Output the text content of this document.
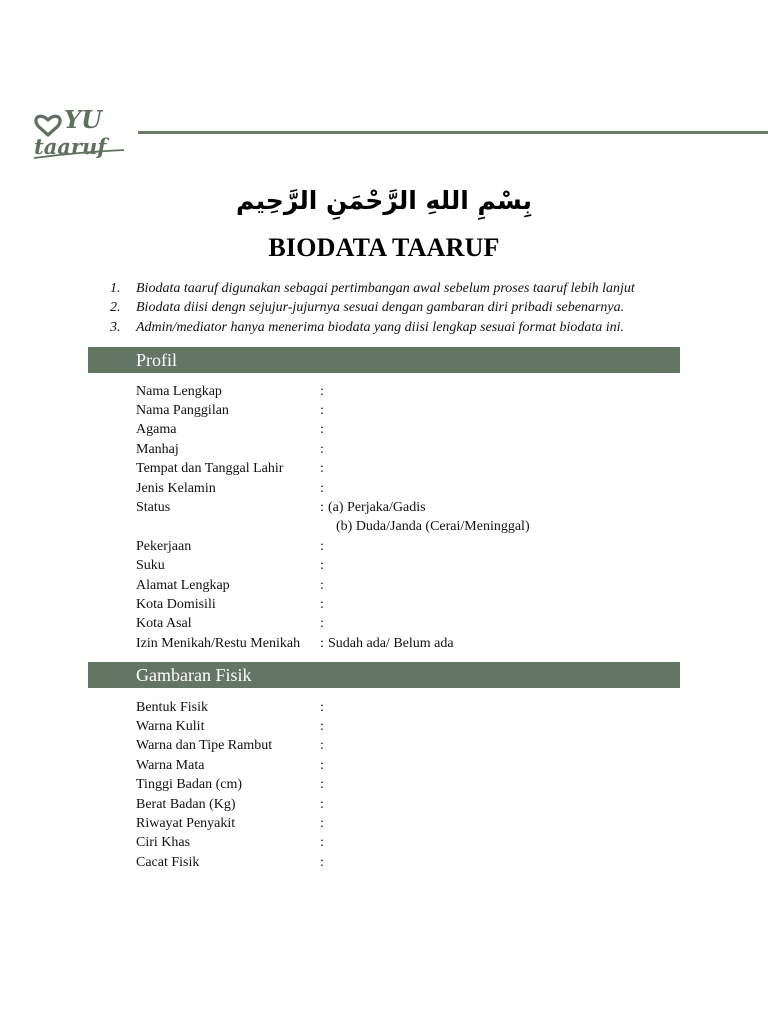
YU
taaruf
بِسْمِ اللهِ الرَّحْمَنِ الرَّحِيم
BIODATA TAARUF
1.	Biodata taaruf digunakan sebagai pertimbangan awal sebelum proses taaruf lebih lanjut
2.	Biodata diisi dengn sejujur-jujurnya sesuai dengan gambaran diri pribadi sebenarnya.
3.	Admin/mediator hanya menerima biodata yang diisi lengkap sesuai format biodata ini.
Profil
Nama Lengkap	:
Nama Panggilan	:
Agama	:
Manhaj	:
Tempat dan Tanggal Lahir	:
Jenis Kelamin	:
Status	: (a) Perjaka/Gadis
(b) Duda/Janda (Cerai/Meninggal)
Pekerjaan	:
Suku	:
Alamat Lengkap	:
Kota Domisili	:
Kota Asal	:
Izin Menikah/Restu Menikah	: Sudah ada/ Belum ada
Gambaran Fisik
Bentuk Fisik	:
Warna Kulit	:
Warna dan Tipe Rambut	:
Warna Mata	:
Tinggi Badan (cm)	:
Berat Badan (Kg)	:
Riwayat Penyakit	:
Ciri Khas	:
Cacat Fisik	:
